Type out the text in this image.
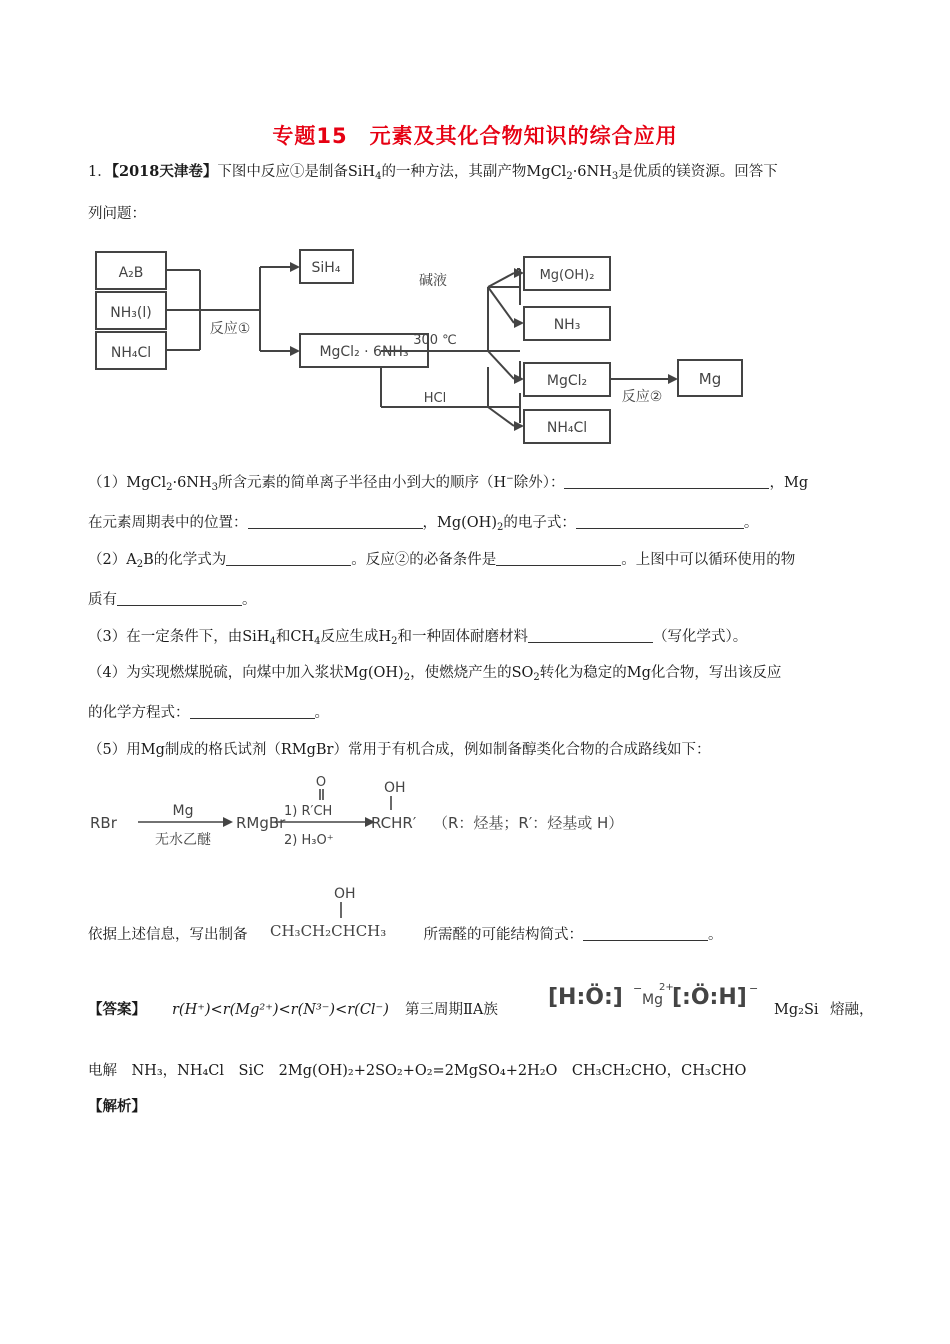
专题15　元素及其化合物知识的综合应用
1．【2018天津卷】下图中反应①是制备SiH$_4$的一种方法，其副产物$MgCl_2\cdot 6NH_3$是优质的镁资源。回答下
列问题：
A₂B
NH₃(l)
NH₄Cl
反应①
SiH₄
MgCl₂ · 6NH₃
碱液
300 ℃
HCl
Mg(OH)₂
NH₃
MgCl₂
NH₄Cl
反应②
Mg
$(1)MgCl_2\cdot 6NH_3$所含元素的简单离子半径由小到大的顺序（H−除外）：	，Mg
在元素周期表中的位置：	，$Mg(OH)_2$的电子式：	。
$(2)A_2B$的化学式为	。反应②的必备条件是	。上图中可以循环使用的物
质有	。
（3）在一定条件下，由SiH$_4$和$CH_4$反应生成$H_2$和一种固体耐磨材料	（写化学式）。
（4）为实现燃煤脱硫，向煤中加入浆状$Mg(OH)_2$，使燃烧产生的$SO_2$转化为稳定的Mg化合物，写出该反应
的化学方程式：	。
（5）用Mg制成的格氏试剂（RMgBr）常用于有机合成，例如制备醇类化合物的合成路线如下：
RBr
Mg
无水乙醚
RMgBr
O
1) R′CH
2) H₃O⁺
OH
RCHR′ （R：烃基；R′：烃基或 H）
依据上述信息，写出制备	所需醛的可能结构简式：	。
OH
CH₃CH₂CHCH₃
【答案】 r(H⁺)<r(Mg²⁺)<r(N³⁻)<r(Cl⁻) 第三周期ⅡA族 [H:Ö:] −
Mg
2+
[:Ö:H] −
Mg₂Si 熔融，
电解　NH₃，NH₄Cl　SiC　2Mg(OH)₂+2SO₂+O₂=2MgSO₄+2H₂O　CH₃CH₂CHO，CH₃CHO
【解析】
